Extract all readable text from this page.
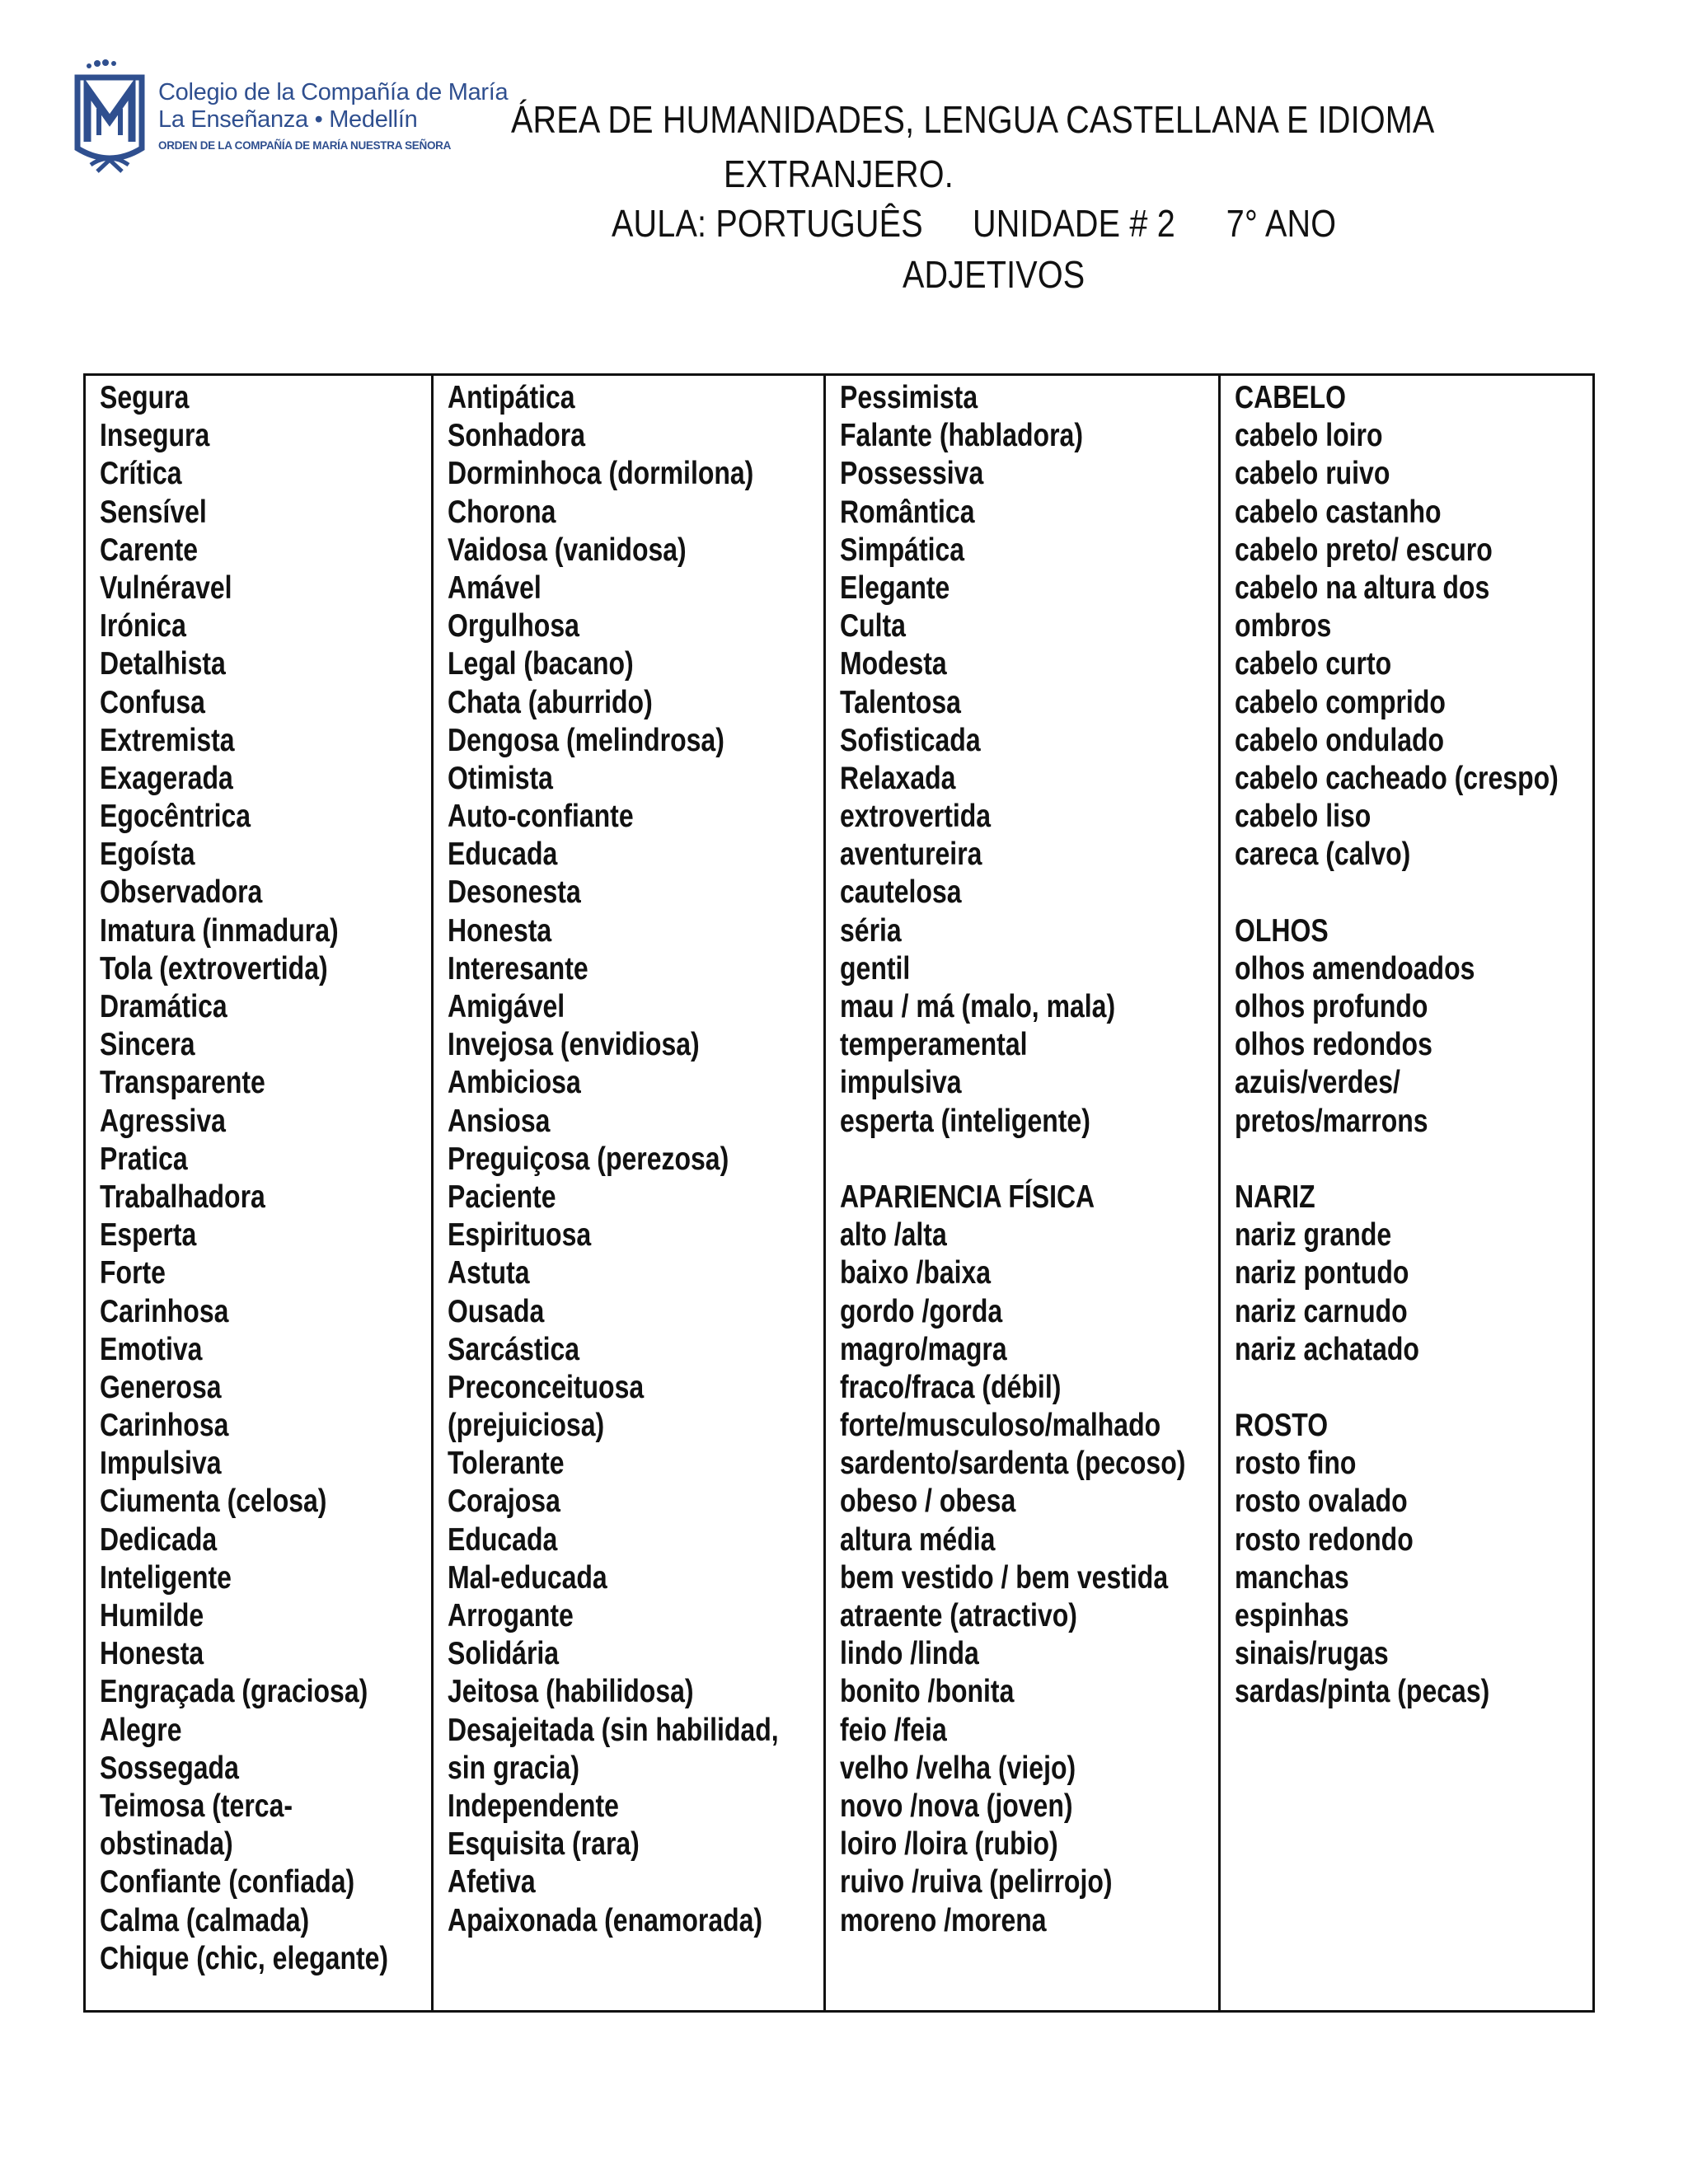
Colegio de la Compañía de María
La Enseñanza • Medellín
ORDEN DE LA COMPAÑÍA DE MARÍA NUESTRA SEÑORA
ÁREA DE HUMANIDADES, LENGUA CASTELLANA E IDIOMA
EXTRANJERO.
AULA: PORTUGUÊS UNIDADE # 2 7° ANO
ADJETIVOS
Segura
Insegura
Crítica
Sensível
Carente
Vulnéravel
Irónica
Detalhista
Confusa
Extremista
Exagerada
Egocêntrica
Egoísta
Observadora
Imatura (inmadura)
Tola (extrovertida)
Dramática
Sincera
Transparente
Agressiva
Pratica
Trabalhadora
Esperta
Forte
Carinhosa
Emotiva
Generosa
Carinhosa
Impulsiva
Ciumenta (celosa)
Dedicada
Inteligente
Humilde
Honesta
Engraçada (graciosa)
Alegre
Sossegada
Teimosa (terca-
obstinada)
Confiante (confiada)
Calma (calmada)
Chique (chic, elegante)
Antipática
Sonhadora
Dorminhoca (dormilona)
Chorona
Vaidosa (vanidosa)
Amável
Orgulhosa
Legal (bacano)
Chata (aburrido)
Dengosa (melindrosa)
Otimista
Auto-confiante
Educada
Desonesta
Honesta
Interesante
Amigável
Invejosa (envidiosa)
Ambiciosa
Ansiosa
Preguiçosa (perezosa)
Paciente
Espirituosa
Astuta
Ousada
Sarcástica
Preconceituosa
(prejuiciosa)
Tolerante
Corajosa
Educada
Mal-educada
Arrogante
Solidária
Jeitosa (habilidosa)
Desajeitada (sin habilidad,
sin gracia)
Independente
Esquisita (rara)
Afetiva
Apaixonada (enamorada)
Pessimista
Falante (habladora)
Possessiva
Romântica
Simpática
Elegante
Culta
Modesta
Talentosa
Sofisticada
Relaxada
extrovertida
aventureira
cautelosa
séria
gentil
mau / má (malo, mala)
temperamental
impulsiva
esperta (inteligente)
APARIENCIA FÍSICA
alto /alta
baixo /baixa
gordo /gorda
magro/magra
fraco/fraca (débil)
forte/musculoso/malhado
sardento/sardenta (pecoso)
obeso / obesa
altura média
bem vestido / bem vestida
atraente (atractivo)
lindo /linda
bonito /bonita
feio /feia
velho /velha (viejo)
novo /nova (joven)
loiro /loira (rubio)
ruivo /ruiva (pelirrojo)
moreno /morena
CABELO
cabelo loiro
cabelo ruivo
cabelo castanho
cabelo preto/ escuro
cabelo na altura dos
ombros
cabelo curto
cabelo comprido
cabelo ondulado
cabelo cacheado (crespo)
cabelo liso
careca (calvo)
OLHOS
olhos amendoados
olhos profundo
olhos redondos
azuis/verdes/
pretos/marrons
NARIZ
nariz grande
nariz pontudo
nariz carnudo
nariz achatado
ROSTO
rosto fino
rosto ovalado
rosto redondo
manchas
espinhas
sinais/rugas
sardas/pinta (pecas)
